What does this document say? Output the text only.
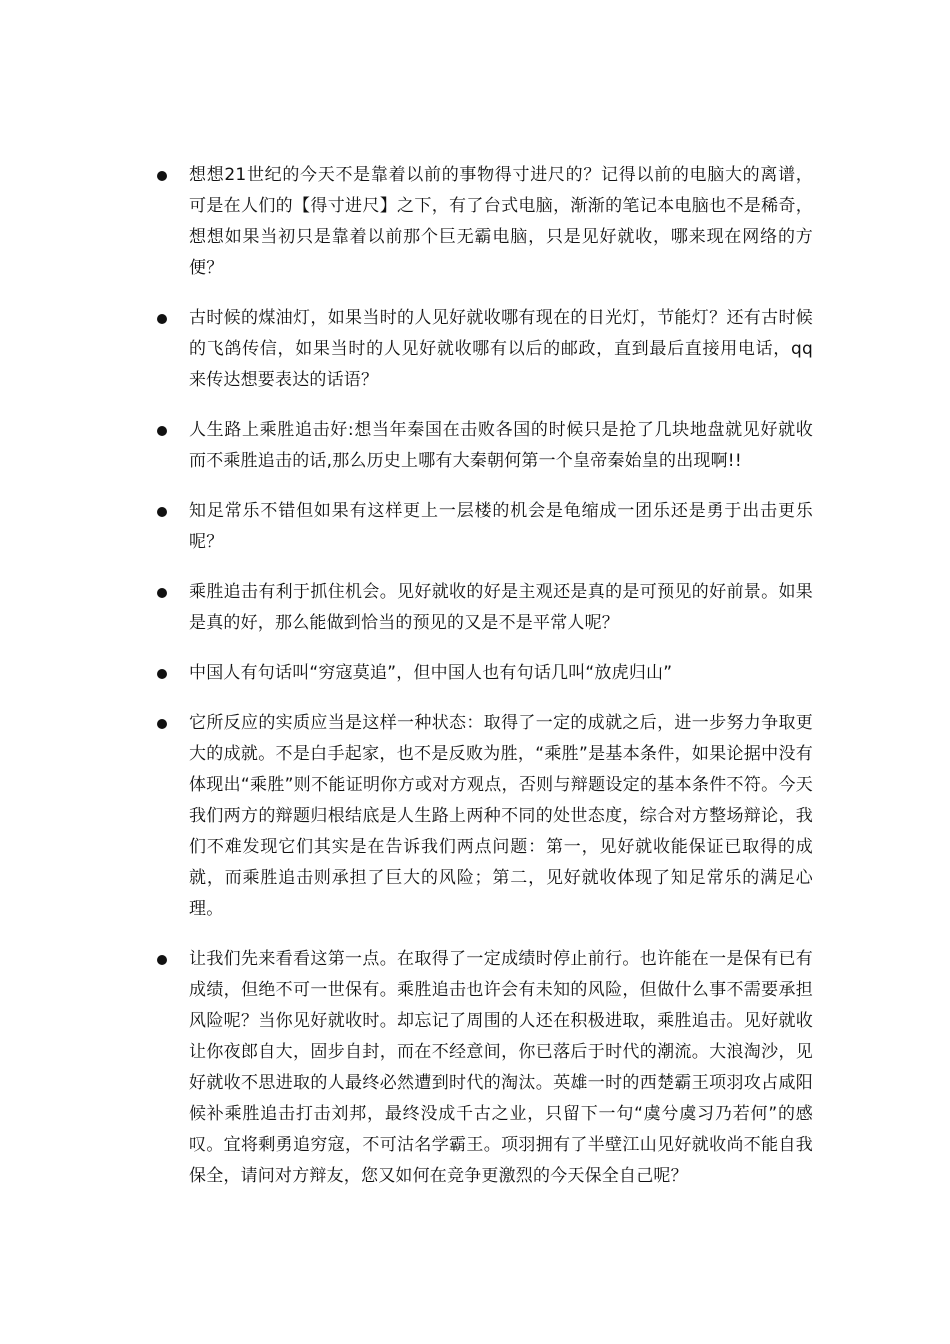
想想21世纪的今天不是靠着以前的事物得寸进尺的？记得以前的电脑大的离谱，可是在人们的【得寸进尺】之下，有了台式电脑，渐渐的笔记本电脑也不是稀奇，想想如果当初只是靠着以前那个巨无霸电脑，只是见好就收，哪来现在网络的方便？
古时候的煤油灯，如果当时的人见好就收哪有现在的日光灯，节能灯？还有古时候的飞鸽传信，如果当时的人见好就收哪有以后的邮政，直到最后直接用电话，qq 来传达想要表达的话语？
人生路上乘胜追击好:想当年秦国在击败各国的时候只是抢了几块地盘就见好就收而不乘胜追击的话,那么历史上哪有大秦朝何第一个皇帝秦始皇的出现啊!!
知足常乐不错但如果有这样更上一层楼的机会是龟缩成一团乐还是勇于出击更乐呢？
乘胜追击有利于抓住机会。见好就收的好是主观还是真的是可预见的好前景。如果是真的好，那么能做到恰当的预见的又是不是平常人呢？
中国人有句话叫“穷寇莫追”，但中国人也有句话几叫“放虎归山”
它所反应的实质应当是这样一种状态：取得了一定的成就之后，进一步努力争取更大的成就。不是白手起家，也不是反败为胜，“乘胜”是基本条件，如果论据中没有体现出“乘胜”则不能证明你方或对方观点，否则与辩题设定的基本条件不符。今天我们两方的辩题归根结底是人生路上两种不同的处世态度，综合对方整场辩论，我们不难发现它们其实是在告诉我们两点问题：第一，见好就收能保证已取得的成就，而乘胜追击则承担了巨大的风险；第二，见好就收体现了知足常乐的满足心理。
让我们先来看看这第一点。在取得了一定成绩时停止前行。也许能在一是保有已有成绩，但绝不可一世保有。乘胜追击也许会有未知的风险，但做什么事不需要承担风险呢？当你见好就收时。却忘记了周围的人还在积极进取，乘胜追击。见好就收让你夜郎自大，固步自封，而在不经意间，你已落后于时代的潮流。大浪淘沙，见好就收不思进取的人最终必然遭到时代的淘汰。英雄一时的西楚霸王项羽攻占咸阳候补乘胜追击打击刘邦，最终没成千古之业，只留下一句“虞兮虞习乃若何”的感叹。宜将剩勇追穷寇，不可沽名学霸王。项羽拥有了半壁江山见好就收尚不能自我保全，请问对方辩友，您又如何在竞争更激烈的今天保全自己呢？
